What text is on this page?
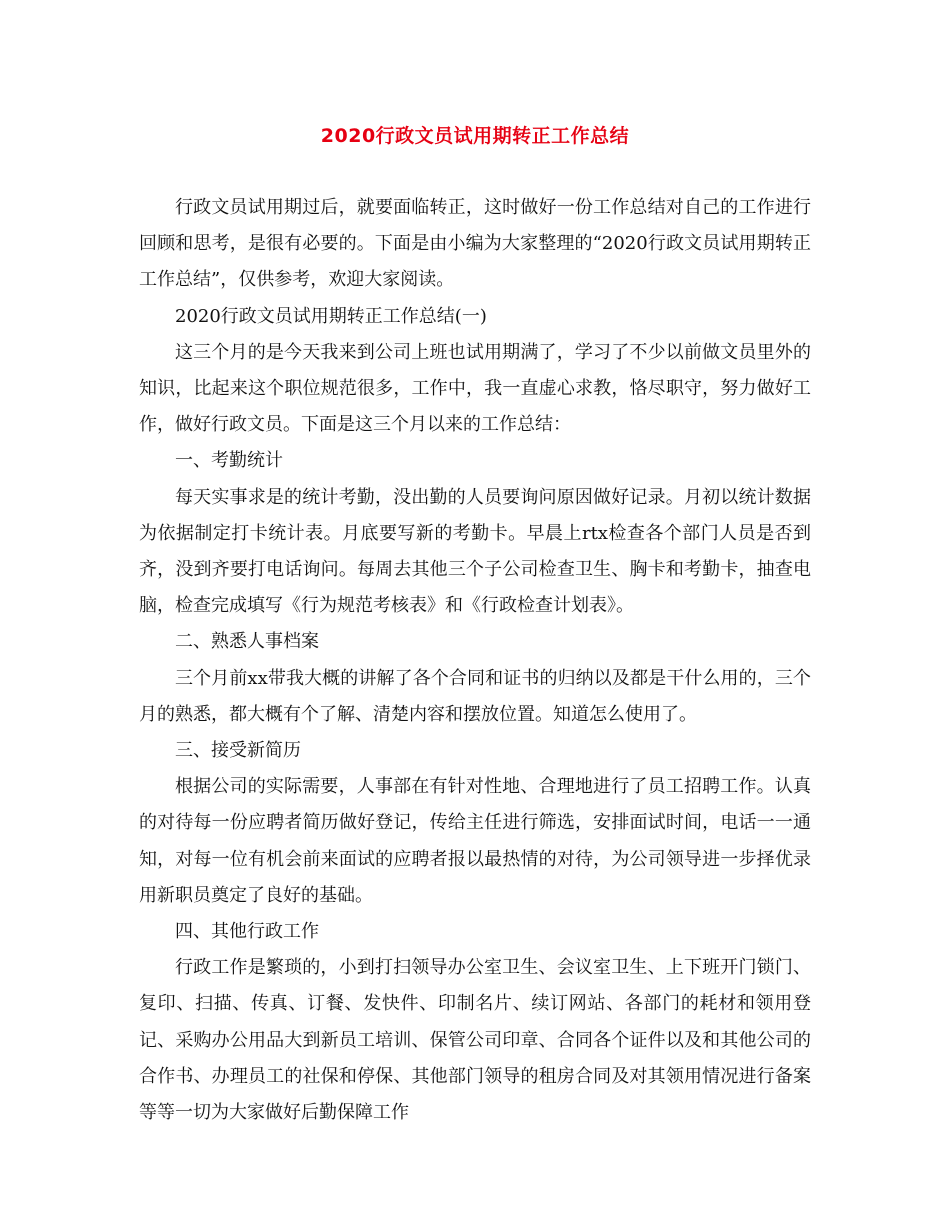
2020行政文员试用期转正工作总结

行政文员试用期过后，就要面临转正，这时做好一份工作总结对自己的工作进行回顾和思考，是很有必要的。下面是由小编为大家整理的“2020行政文员试用期转正工作总结”，仅供参考，欢迎大家阅读。

2020行政文员试用期转正工作总结(一)

这三个月的是今天我来到公司上班也试用期满了，学习了不少以前做文员里外的知识，比起来这个职位规范很多，工作中，我一直虚心求教，恪尽职守，努力做好工作，做好行政文员。下面是这三个月以来的工作总结：

一、考勤统计

每天实事求是的统计考勤，没出勤的人员要询问原因做好记录。月初以统计数据为依据制定打卡统计表。月底要写新的考勤卡。早晨上rtx检查各个部门人员是否到齐，没到齐要打电话询问。每周去其他三个子公司检查卫生、胸卡和考勤卡，抽查电脑，检查完成填写《行为规范考核表》和《行政检查计划表》。

二、熟悉人事档案

三个月前xx带我大概的讲解了各个合同和证书的归纳以及都是干什么用的，三个月的熟悉，都大概有个了解、清楚内容和摆放位置。知道怎么使用了。

三、接受新简历

根据公司的实际需要，人事部在有针对性地、合理地进行了员工招聘工作。认真的对待每一份应聘者简历做好登记，传给主任进行筛选，安排面试时间，电话一一通知，对每一位有机会前来面试的应聘者报以最热情的对待，为公司领导进一步择优录用新职员奠定了良好的基础。

四、其他行政工作

行政工作是繁琐的，小到打扫领导办公室卫生、会议室卫生、上下班开门锁门、复印、扫描、传真、订餐、发快件、印制名片、续订网站、各部门的耗材和领用登记、采购办公用品大到新员工培训、保管公司印章、合同各个证件以及和其他公司的合作书、办理员工的社保和停保、其他部门领导的租房合同及对其领用情况进行备案等等一切为大家做好后勤保障工作
